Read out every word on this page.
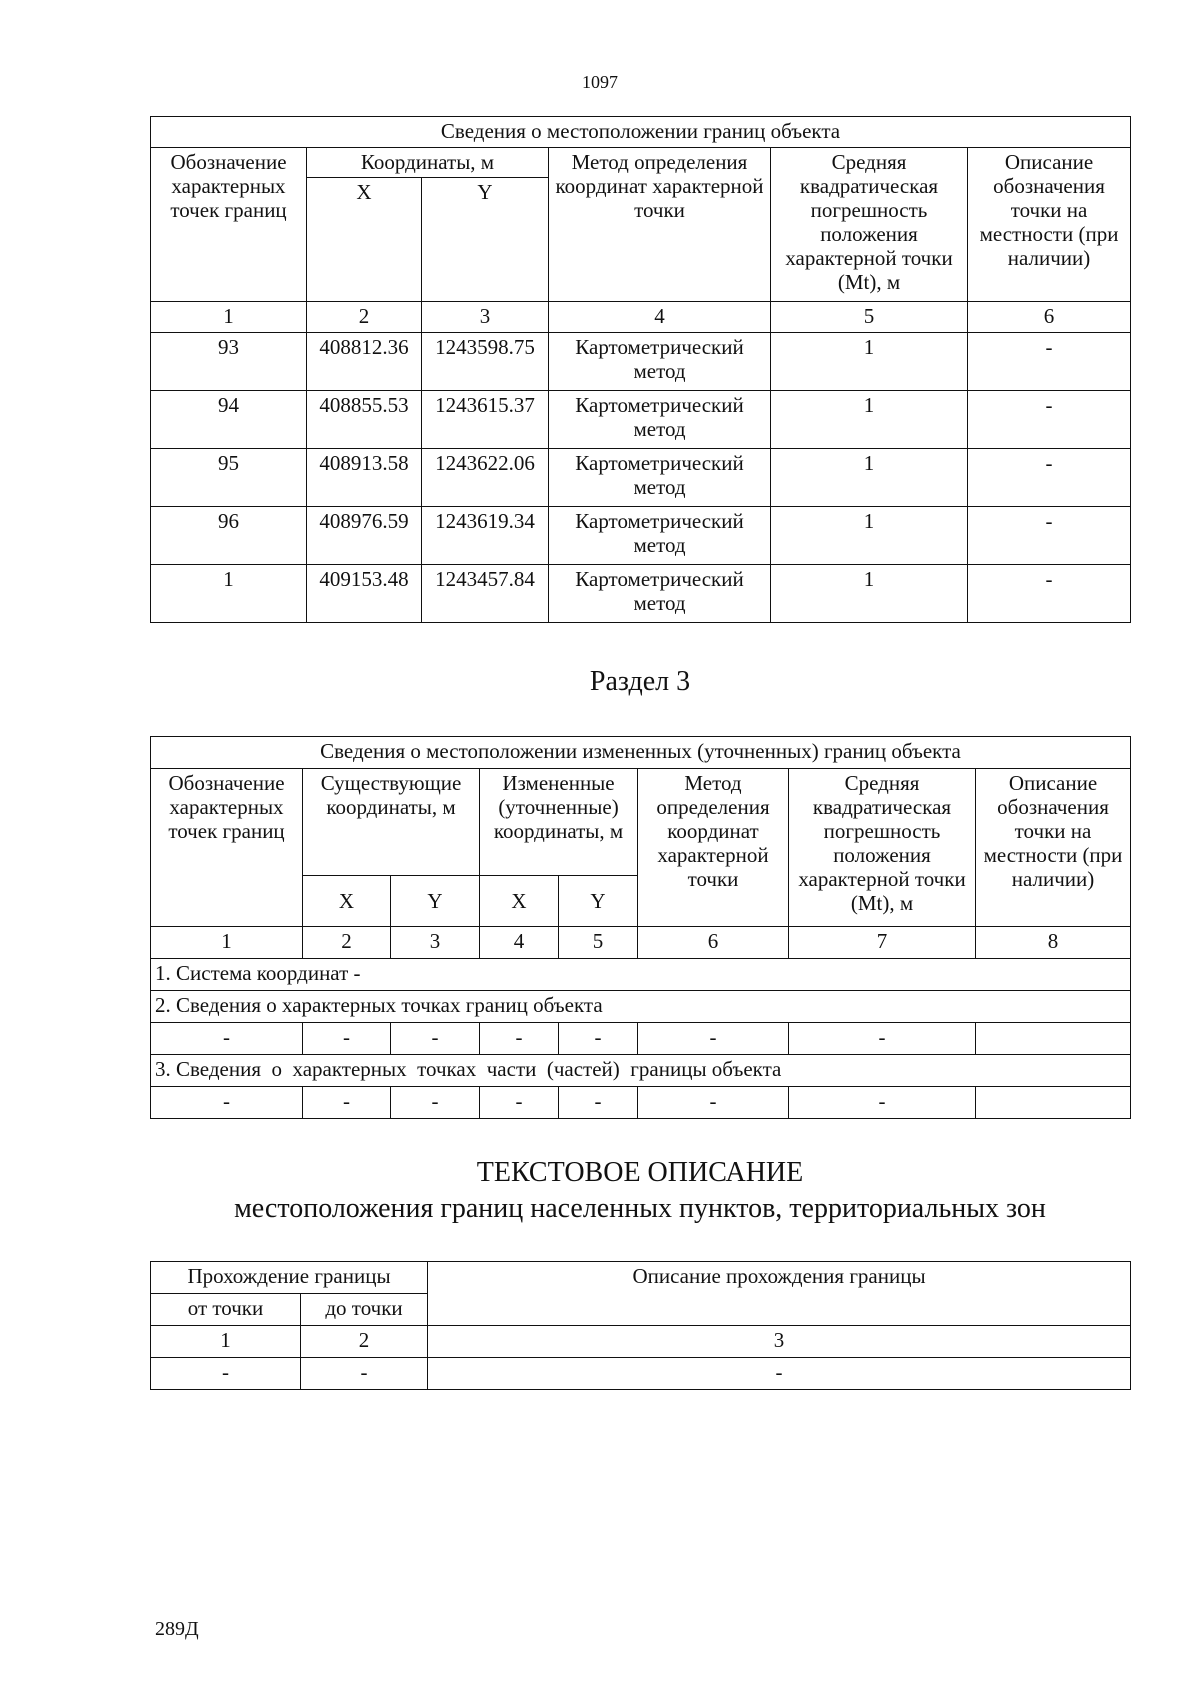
1097
Сведения о местоположении границ объекта					
Обозначение характерных точек границ	Координаты, м		Метод определения координат характерной точки	Средняя квадратическая погрешность положения характерной точки (Mt), м	Описание обозначения точки на местности (при наличии)
	X	Y			
1	2	3	4	5	6
93	408812.36	1243598.75	Картометрический метод	1	-
94	408855.53	1243615.37	Картометрический метод	1	-
95	408913.58	1243622.06	Картометрический метод	1	-
96	408976.59	1243619.34	Картометрический метод	1	-
1	409153.48	1243457.84	Картометрический метод	1	-
Раздел 3
Сведения о местоположении измененных (уточненных) границ объекта							
Обозначение характерных точек границ	Существующие координаты, м		Измененные (уточненные) координаты, м		Метод определения координат характерной точки	Средняя квадратическая погрешность положения характерной точки (Mt), м	Описание обозначения точки на местности (при наличии)
	X	Y	X	Y			
1	2	3	4	5	6	7	8
1. Система координат -							
2. Сведения о характерных точках границ объекта							
-	-	-	-	-	-	-	
3. Сведения  о  характерных  точках  части  (частей)  границы объекта							
-	-	-	-	-	-	-	
ТЕКСТОВОЕ ОПИСАНИЕ
местоположения границ населенных пунктов, территориальных зон
Прохождение границы		Описание прохождения границы
от точки	до точки	
1	2	3
-	-	-
289Д
